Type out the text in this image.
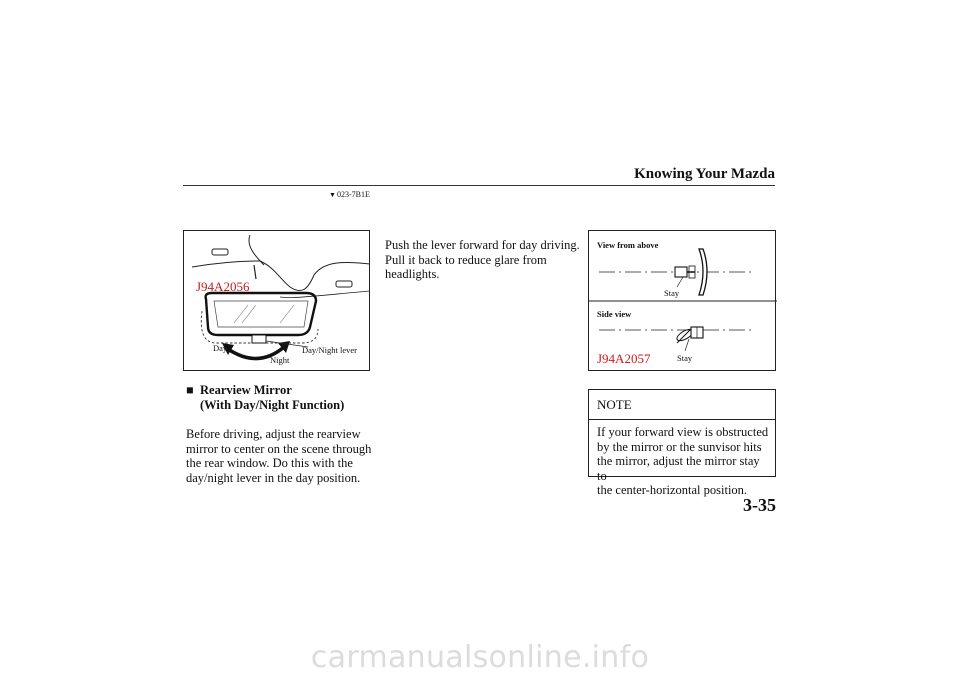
Knowing Your Mazda
▼023-7B1E
J94A2056
Day
Night
Day/Night lever
■ Rearview Mirror
(With Day/Night Function)
Before driving, adjust the rearview
mirror to center on the scene through
the rear window. Do this with the
day/night lever in the day position.
Push the lever forward for day driving.
Pull it back to reduce glare from
headlights.
View from above
Stay
Side view
J94A2057	Stay
NOTE
If your forward view is obstructed
by the mirror or the sunvisor hits
the mirror, adjust the mirror stay to
the center-horizontal position.
3-35
carmanualsonline.info
